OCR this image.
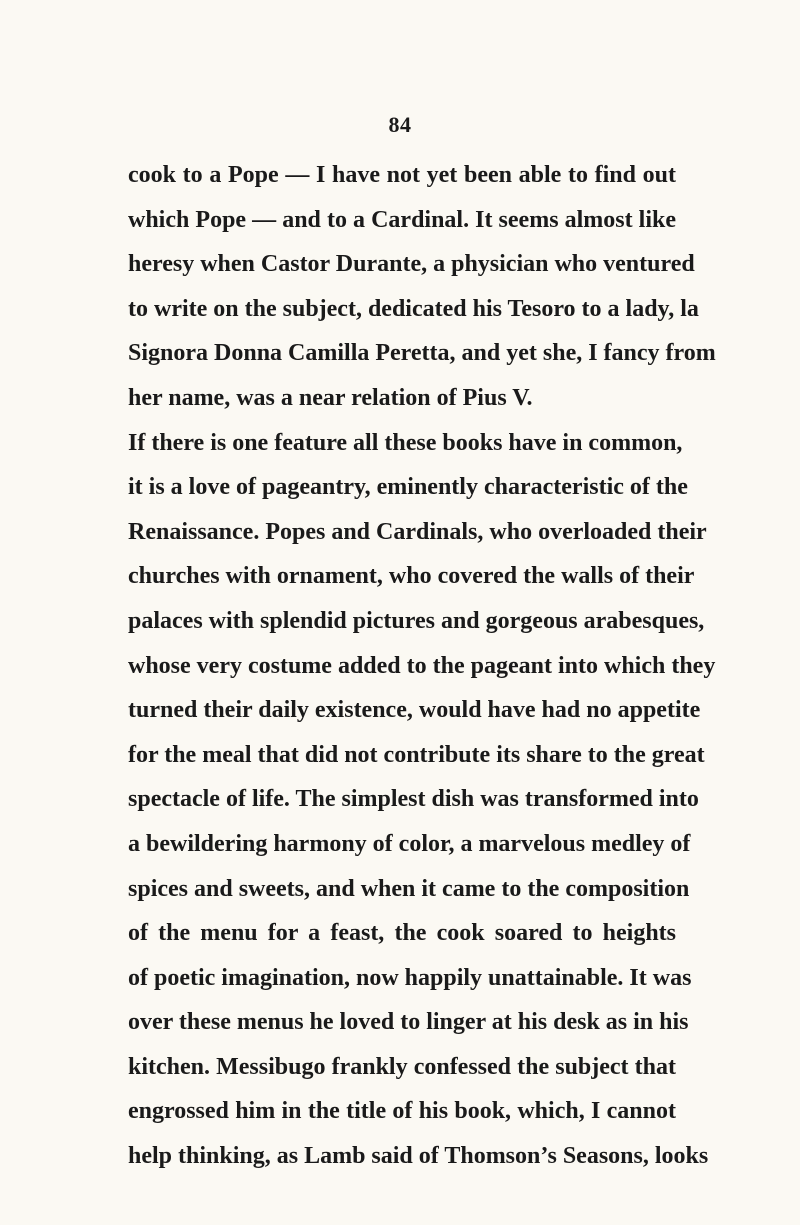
84
cook to a Pope — I have not yet been able to find out
which Pope — and to a Cardinal. It seems almost like
heresy when Castor Durante, a physician who ventured
to write on the subject, dedicated his Tesoro to a lady, la
Signora Donna Camilla Peretta, and yet she, I fancy from
her name, was a near relation of Pius V.
If there is one feature all these books have in common,
it is a love of pageantry, eminently characteristic of the
Renaissance. Popes and Cardinals, who overloaded their
churches with ornament, who covered the walls of their
palaces with splendid pictures and gorgeous arabesques,
whose very costume added to the pageant into which they
turned their daily existence, would have had no appetite
for the meal that did not contribute its share to the great
spectacle of life. The simplest dish was transformed into
a bewildering harmony of color, a marvelous medley of
spices and sweets, and when it came to the composition
of the menu for a feast, the cook soared to heights
of poetic imagination, now happily unattainable. It was
over these menus he loved to linger at his desk as in his
kitchen. Messibugo frankly confessed the subject that
engrossed him in the title of his book, which, I cannot
help thinking, as Lamb said of Thomson’s Seasons, looks
